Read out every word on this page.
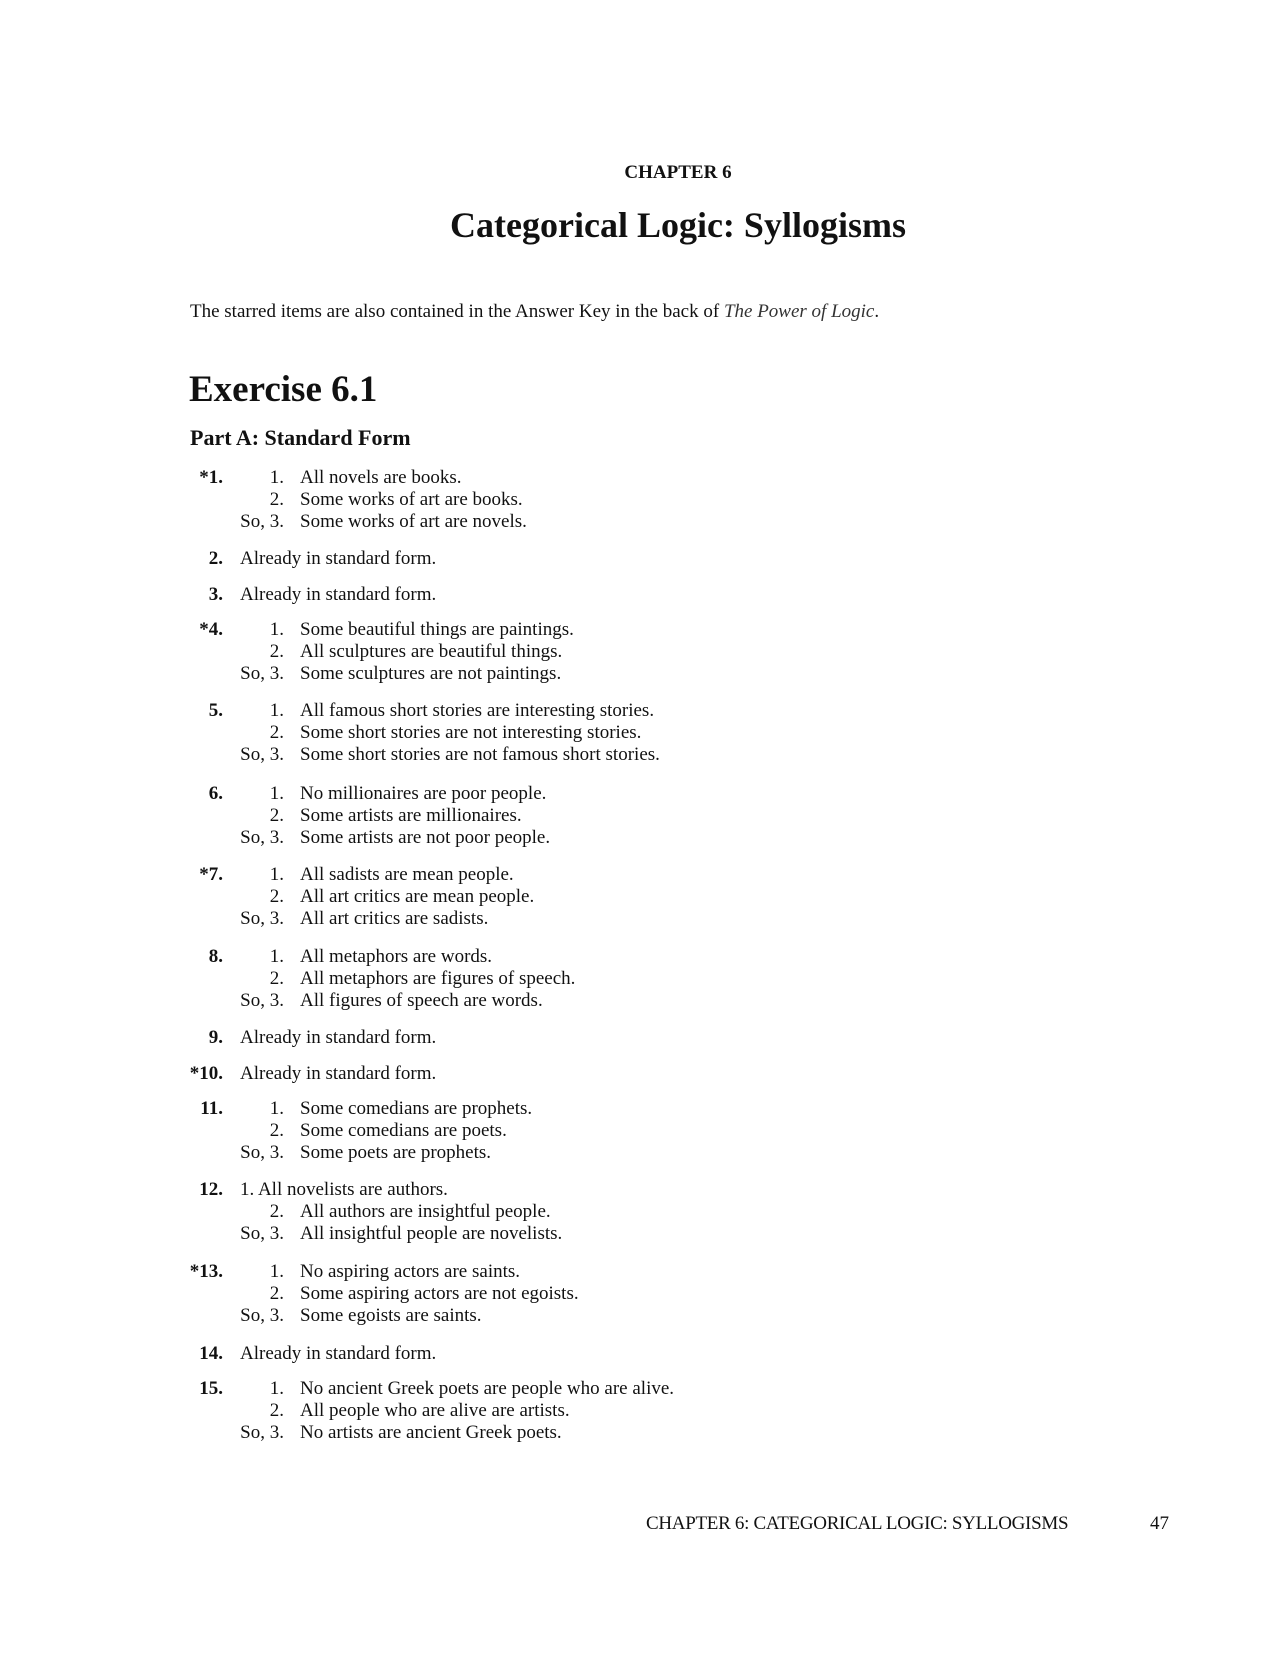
CHAPTER 6
Categorical Logic: Syllogisms
The starred items are also contained in the Answer Key in the back of The Power of Logic.
Exercise 6.1
Part A: Standard Form
*1.	1. All novels are books.
2. Some works of art are books.
So, 3. Some works of art are novels.
2. Already in standard form.
3. Already in standard form.
*4.	1. Some beautiful things are paintings.
2. All sculptures are beautiful things.
So, 3. Some sculptures are not paintings.
5.	1. All famous short stories are interesting stories.
2. Some short stories are not interesting stories.
So, 3. Some short stories are not famous short stories.
6.	1. No millionaires are poor people.
2. Some artists are millionaires.
So, 3. Some artists are not poor people.
*7.	1. All sadists are mean people.
2. All art critics are mean people.
So, 3. All art critics are sadists.
8.	1. All metaphors are words.
2. All metaphors are figures of speech.
So, 3. All figures of speech are words.
9. Already in standard form.
*10. Already in standard form.
11.	1. Some comedians are prophets.
2. Some comedians are poets.
So, 3. Some poets are prophets.
12. 1. All novelists are authors.
2. All authors are insightful people.
So, 3. All insightful people are novelists.
*13.	1. No aspiring actors are saints.
2. Some aspiring actors are not egoists.
So, 3. Some egoists are saints.
14. Already in standard form.
15.	1. No ancient Greek poets are people who are alive.
2. All people who are alive are artists.
So, 3. No artists are ancient Greek poets.
CHAPTER 6: CATEGORICAL LOGIC: SYLLOGISMS	47
